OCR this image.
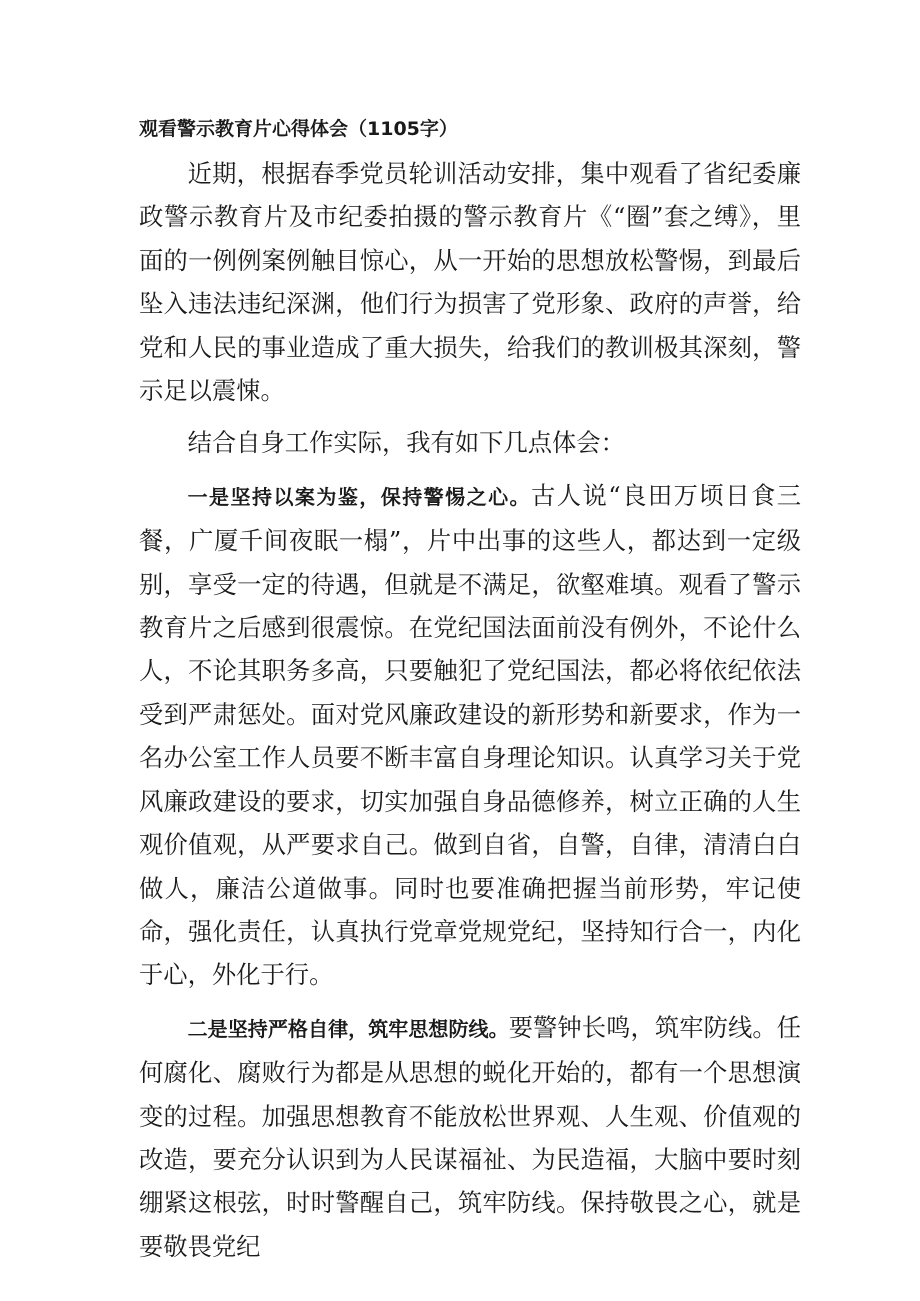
观看警示教育片心得体会（1105字）

近期，根据春季党员轮训活动安排，集中观看了省纪委廉政警示教育片及市纪委拍摄的警示教育片《“圈”套之缚》，里面的一例例案例触目惊心，从一开始的思想放松警惕，到最后坠入违法违纪深渊，他们行为损害了党形象、政府的声誉，给党和人民的事业造成了重大损失，给我们的教训极其深刻，警示足以震悚。

结合自身工作实际，我有如下几点体会：

一是坚持以案为鉴，保持警惕之心。古人说“良田万顷日食三餐，广厦千间夜眠一榻”，片中出事的这些人，都达到一定级别，享受一定的待遇，但就是不满足，欲壑难填。观看了警示教育片之后感到很震惊。在党纪国法面前没有例外，不论什么人，不论其职务多高，只要触犯了党纪国法，都必将依纪依法受到严肃惩处。面对党风廉政建设的新形势和新要求，作为一名办公室工作人员要不断丰富自身理论知识。认真学习关于党风廉政建设的要求，切实加强自身品德修养，树立正确的人生观价值观，从严要求自己。做到自省，自警，自律，清清白白做人，廉洁公道做事。同时也要准确把握当前形势，牢记使命，强化责任，认真执行党章党规党纪，坚持知行合一，内化于心，外化于行。

二是坚持严格自律，筑牢思想防线。要警钟长鸣，筑牢防线。任何腐化、腐败行为都是从思想的蜕化开始的，都有一个思想演变的过程。加强思想教育不能放松世界观、人生观、价值观的改造，要充分认识到为人民谋福祉、为民造福，大脑中要时刻绷紧这根弦，时时警醒自己，筑牢防线。保持敬畏之心，就是要敬畏党纪
